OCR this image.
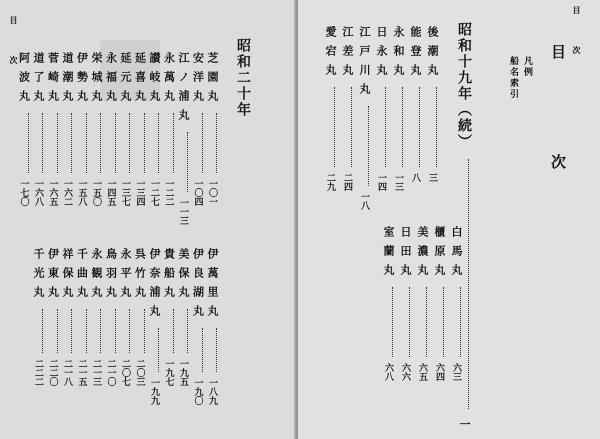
目　次	昭和二十年
芝園丸一〇一
安洋丸一〇四
江ノ浦丸一一三
永萬丸一二二
讃岐丸一二七
延喜丸一三四
延元丸一三七
永福丸一四五
栄城丸一五〇
伊勢丸一五八
道潮丸一六二
菅崎丸一六五
道了丸一六八
阿波丸一七〇
伊萬里丸一八九
伊良湖丸一九〇
美保丸一九五
貴船丸一九七
伊奈浦丸一九九
呉竹丸二〇三
永平丸二〇七
鳥羽丸二一〇
永観丸二一三
千曲丸二一五
祥保丸二一八
伊東丸二二〇
千光丸二二二
目　次
目　次
凡例
船名索引
昭和十九年（続）  一
後潮丸三
能登丸八
永和丸一三
日永丸一四
江戸川丸一八
江差丸二四
愛宕丸二九
白馬丸六三
櫃原丸六四
美濃丸六五
日田丸六六
室蘭丸六八
